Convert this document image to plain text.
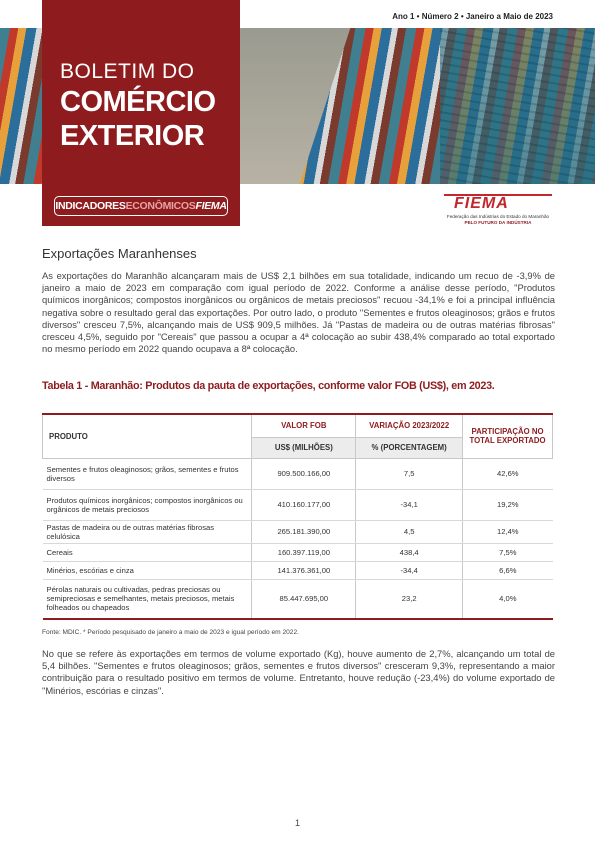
Ano 1 • Número 2 • Janeiro a Maio de 2023
BOLETIM DO
COMÉRCIO
EXTERIOR
INDICADORES ECONÔMICOS FIEMA	FIEMA
Federação das Indústrias do Estado do Maranhão
PELO FUTURO DA INDÚSTRIA
Exportações Maranhenses

As exportações do Maranhão alcançaram mais de US$ 2,1 bilhões em sua totalidade, indicando um recuo de -3,9% de janeiro a maio de 2023 em comparação com igual período de 2022. Conforme a análise desse período, "Produtos químicos inorgânicos; compostos inorgânicos ou orgânicos de metais preciosos" recuou -34,1% e foi a principal influência negativa sobre o resultado geral das exportações. Por outro lado, o produto "Sementes e frutos oleaginosos; grãos e frutos diversos" cresceu 7,5%, alcançando mais de US$ 909,5 milhões. Já "Pastas de madeira ou de outras matérias fibrosas" cresceu 4,5%, seguido por "Cereais" que passou a ocupar a 4ª colocação ao subir 438,4% comparado ao total exportado no mesmo período em 2022 quando ocupava a 8ª colocação.

Tabela 1 - Maranhão: Produtos da pauta de exportações, conforme valor FOB (US$), em 2023.
PRODUTO	VALOR FOB	VARIAÇÃO 2023/2022	PARTICIPAÇÃO NO TOTAL EXPORTADO
	US$ (MILHÕES)	% (PORCENTAGEM)	
Sementes e frutos oleaginosos; grãos, sementes e frutos diversos	909.500.166,00	7,5	42,6%
Produtos químicos inorgânicos; compostos inorgânicos ou orgânicos de metais preciosos	410.160.177,00	-34,1	19,2%
Pastas de madeira ou de outras matérias fibrosas celulósica	265.181.390,00	4,5	12,4%
Cereais	160.397.119,00	438,4	7,5%
Minérios, escórias e cinza	141.376.361,00	-34,4	6,6%
Pérolas naturais ou cultivadas, pedras preciosas ou semipreciosas e semelhantes, metais preciosos, metais folheados ou chapeados	85.447.695,00	23,2	4,0%
Fonte: MDIC. * Período pesquisado de janeiro a maio de 2023 e igual período em 2022.

No que se refere às exportações em termos de volume exportado (Kg), houve aumento de 2,7%, alcançando um total de 5,4 bilhões. "Sementes e frutos oleaginosos; grãos, sementes e frutos diversos" cresceram 9,3%, representando a maior contribuição para o resultado positivo em termos de volume. Entretanto, houve redução (-23,4%) do volume exportado de "Minérios, escórias e cinzas".

1
